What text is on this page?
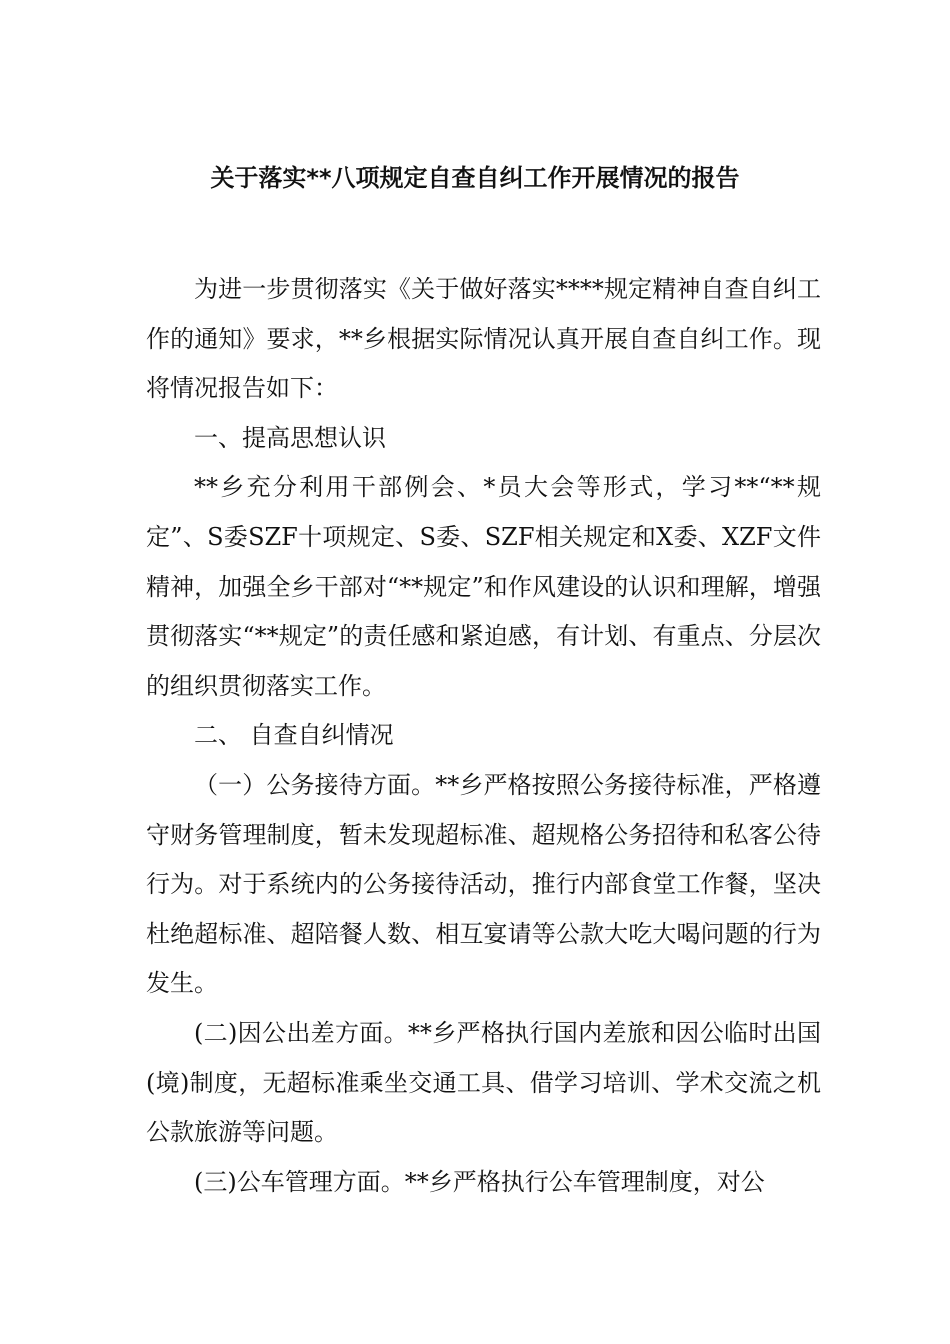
关于落实**八项规定自查自纠工作开展情况的报告

为进一步贯彻落实《关于做好落实****规定精神自查自纠工作的通知》要求，**乡根据实际情况认真开展自查自纠工作。现将情况报告如下：

一、提高思想认识

**乡充分利用干部例会、*员大会等形式，学习**“**规定”、S委SZF十项规定、S委、SZF相关规定和X委、XZF文件精神，加强全乡干部对“**规定”和作风建设的认识和理解，增强贯彻落实“**规定”的责任感和紧迫感，有计划、有重点、分层次的组织贯彻落实工作。

二、 自查自纠情况

（一）公务接待方面。**乡严格按照公务接待标准，严格遵守财务管理制度，暂未发现超标准、超规格公务招待和私客公待行为。对于系统内的公务接待活动，推行内部食堂工作餐，坚决杜绝超标准、超陪餐人数、相互宴请等公款大吃大喝问题的行为发生。

(二)因公出差方面。**乡严格执行国内差旅和因公临时出国(境)制度，无超标准乘坐交通工具、借学习培训、学术交流之机公款旅游等问题。

(三)公车管理方面。**乡严格执行公车管理制度，对公
